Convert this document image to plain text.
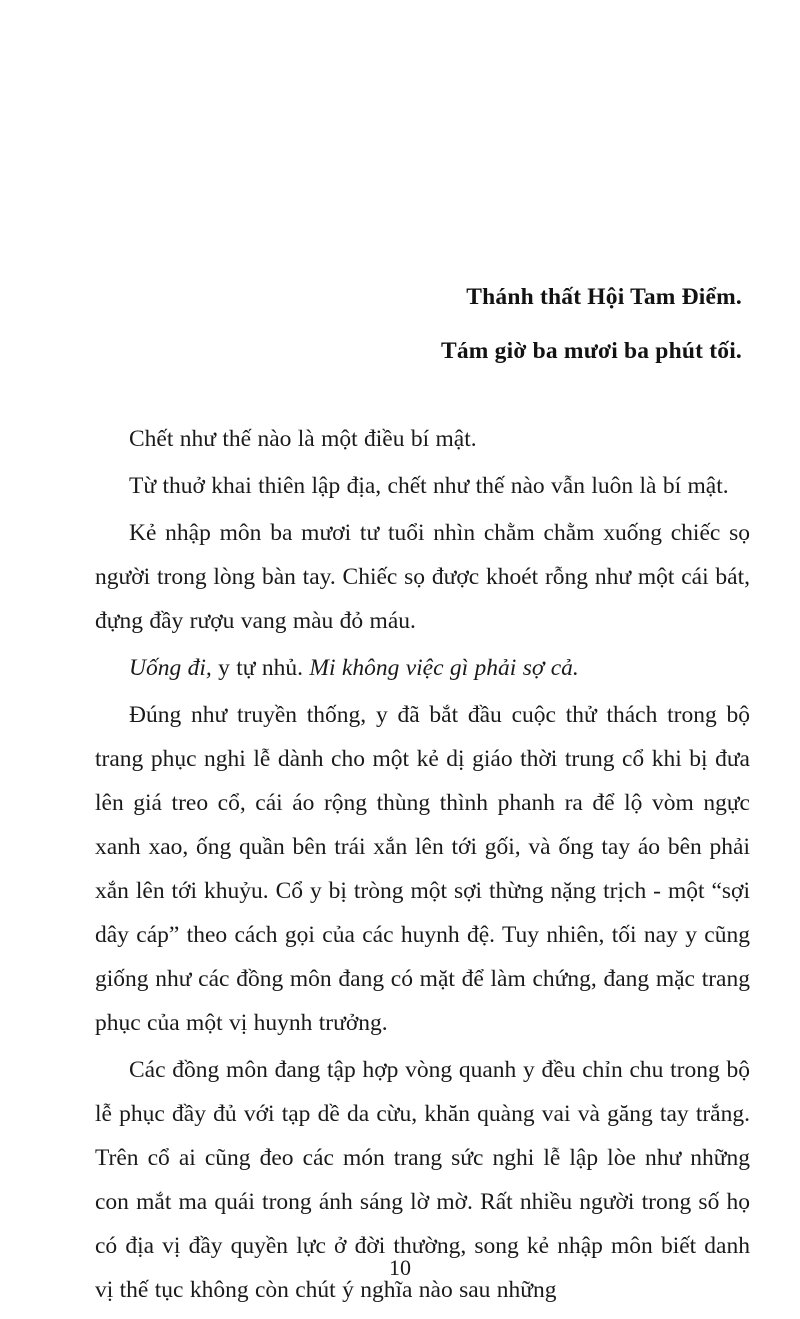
Thánh thất Hội Tam Điểm.
Tám giờ ba mươi ba phút tối.

Chết như thế nào là một điều bí mật.

Từ thuở khai thiên lập địa, chết như thế nào vẫn luôn là bí mật.

Kẻ nhập môn ba mươi tư tuổi nhìn chằm chằm xuống chiếc sọ người trong lòng bàn tay. Chiếc sọ được khoét rỗng như một cái bát, đựng đầy rượu vang màu đỏ máu.

Uống đi, y tự nhủ. Mi không việc gì phải sợ cả.

Đúng như truyền thống, y đã bắt đầu cuộc thử thách trong bộ trang phục nghi lễ dành cho một kẻ dị giáo thời trung cổ khi bị đưa lên giá treo cổ, cái áo rộng thùng thình phanh ra để lộ vòm ngực xanh xao, ống quần bên trái xắn lên tới gối, và ống tay áo bên phải xắn lên tới khuỷu. Cổ y bị tròng một sợi thừng nặng trịch - một “sợi dây cáp” theo cách gọi của các huynh đệ. Tuy nhiên, tối nay y cũng giống như các đồng môn đang có mặt để làm chứng, đang mặc trang phục của một vị huynh trưởng.

Các đồng môn đang tập hợp vòng quanh y đều chỉn chu trong bộ lễ phục đầy đủ với tạp dề da cừu, khăn quàng vai và găng tay trắng. Trên cổ ai cũng đeo các món trang sức nghi lễ lập lòe như những con mắt ma quái trong ánh sáng lờ mờ. Rất nhiều người trong số họ có địa vị đầy quyền lực ở đời thường, song kẻ nhập môn biết danh vị thế tục không còn chút ý nghĩa nào sau những

10
